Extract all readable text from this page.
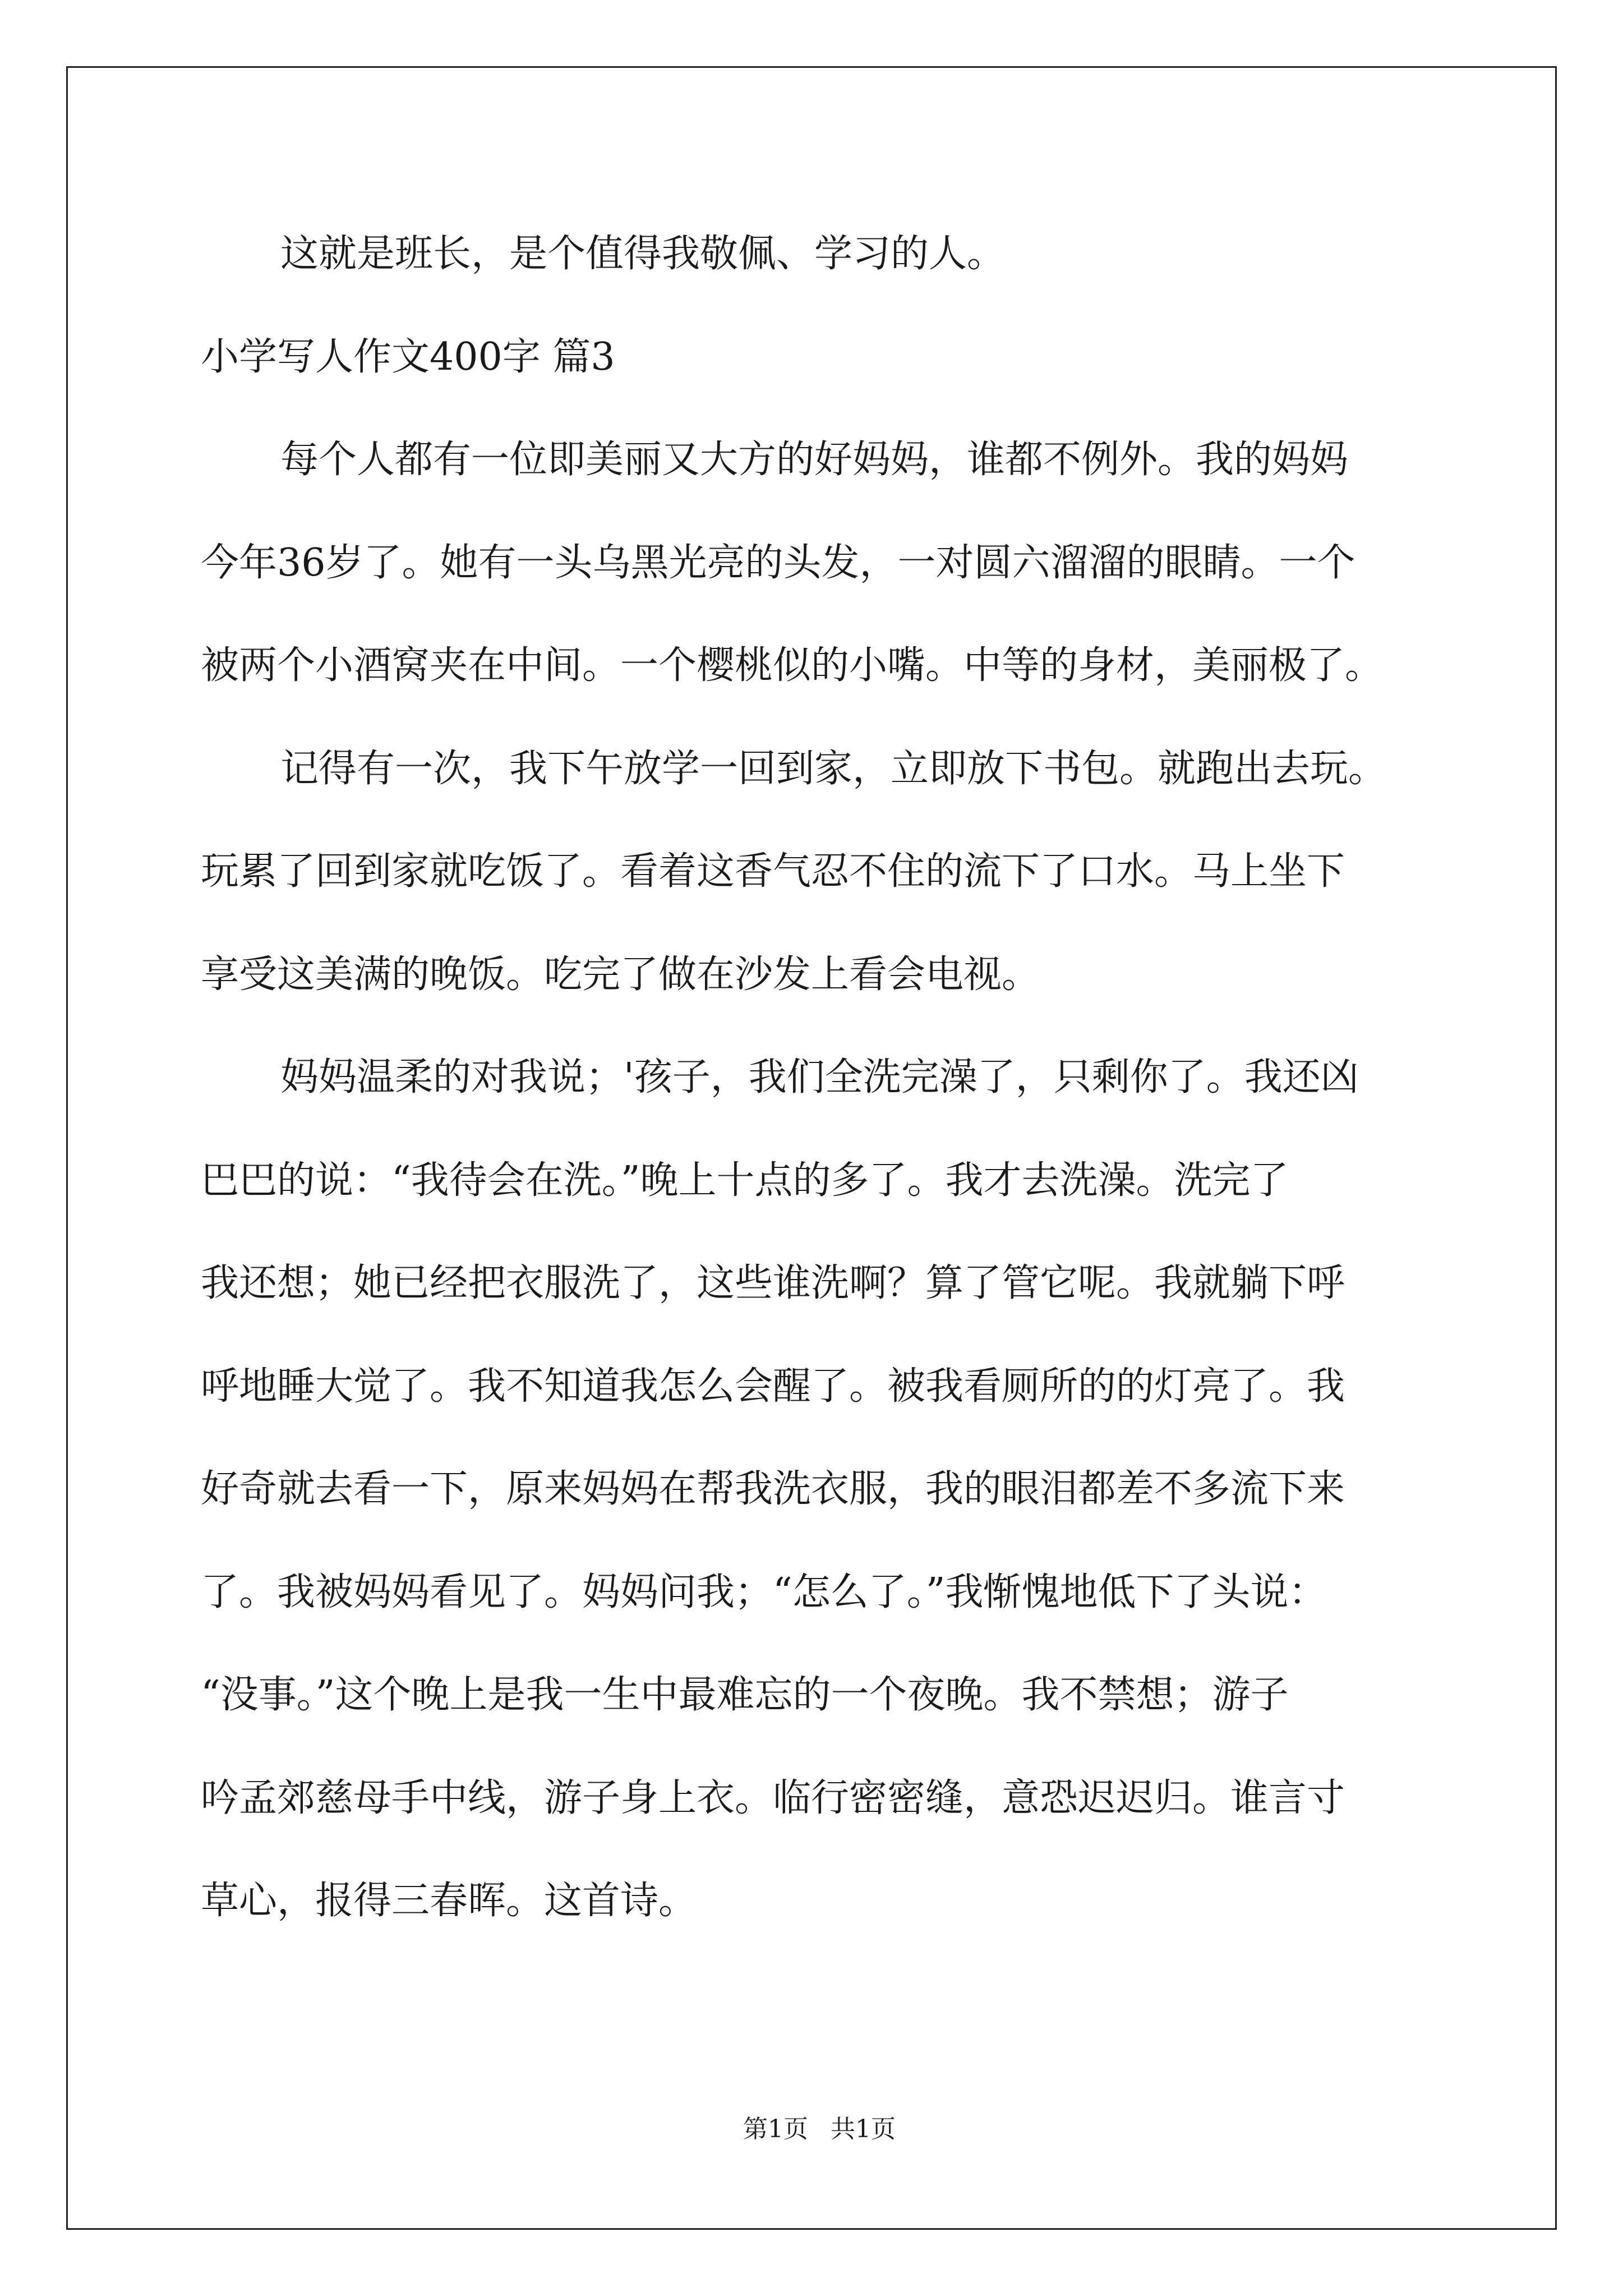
这就是班长，是个值得我敬佩、学习的人。
小学写人作文400字 篇3
每个人都有一位即美丽又大方的好妈妈，谁都不例外。我的妈妈
今年36岁了。她有一头乌黑光亮的头发，一对圆六溜溜的眼睛。一个
被两个小酒窝夹在中间。一个樱桃似的小嘴。中等的身材，美丽极了。
记得有一次，我下午放学一回到家，立即放下书包。就跑出去玩。
玩累了回到家就吃饭了。看着这香气忍不住的流下了口水。马上坐下
享受这美满的晚饭。吃完了做在沙发上看会电视。
妈妈温柔的对我说；'孩子，我们全洗完澡了，只剩你了。我还凶
巴巴的说：“我待会在洗。”晚上十点的多了。我才去洗澡。洗完了
我还想；她已经把衣服洗了，这些谁洗啊？算了管它呢。我就躺下呼
呼地睡大觉了。我不知道我怎么会醒了。被我看厕所的的灯亮了。我
好奇就去看一下，原来妈妈在帮我洗衣服，我的眼泪都差不多流下来
了。我被妈妈看见了。妈妈问我；“怎么了。”我惭愧地低下了头说：
“没事。”这个晚上是我一生中最难忘的一个夜晚。我不禁想；游子
吟孟郊慈母手中线，游子身上衣。临行密密缝，意恐迟迟归。谁言寸
草心，报得三春晖。这首诗。

第1页 共1页
